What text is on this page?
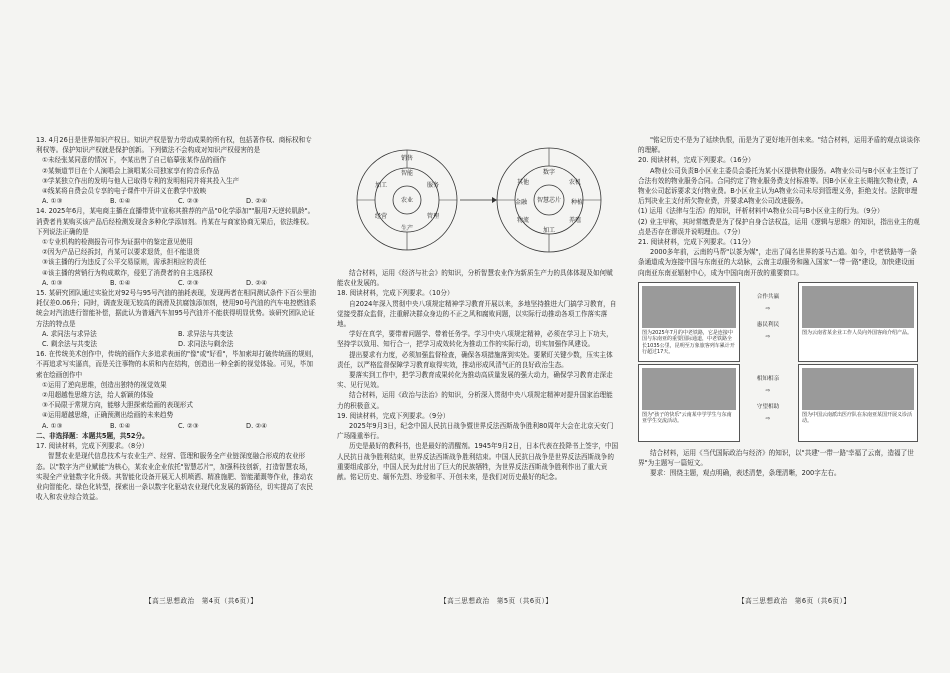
13. 4月26日是世界知识产权日。知识产权是智力劳动成果的所有权，包括著作权、商标权和专利权等。保护知识产权就是保护创新。下列做法不会构成对知识产权侵害的是

①未经张某同意的情况下，李某出售了自己临摹张某作品的画作

②某频道节目在个人演唱会上演唱某公司独家享有的音乐作品

③学某独立作出的发明与他人已取得专利的发明相同并将其投入生产

④线某将自费会员专享的电子课件中开讲义在教学中放映

A. ①③	B. ①④	C. ②③	D. ②④

14. 2025年6月，某电商主播在直播带货中宣称其推荐的产品"0化学添加""服用7天逆转肌龄"。消费者肖某购买该产品后经检测发现含多种化学添加剂。肖某在与商家协商无果后，依法维权。下列说法正确的是

①专业机构的检测报告可作为证据中的鉴定意见使用

②因为产品已经拆封，肖某可以要求退货，但不能退货

③该主播的行为违反了公平交易原则，需承担相应的责任

④该主播的营销行为构成欺诈，侵犯了消费者的自主选择权

A. ①③	B. ①④	C. ②③	D. ②④

15. 某研究团队通过实验比对92号与95号汽油的抽耗表现，发现两者在相同测试条件下百公里油耗仅差0.06升；同时，调查发现无较高的润滑及抗腐蚀添加剂，使用90号汽油的汽车电控燃油系统会对汽油进行智能补偿，据此认为普通汽车加95号汽油并不能获得明显优势。该研究团队论证方法的特点是

A. 求同法与求异法	B. 求异法与共变法

C. 剩余法与共变法	D. 求同法与剩余法

16. 在传统美术创作中，传统的画作大多追求表面的"像"或"好看"，毕加索却打破传统画的规则，不再追求写实逼真，而是关注事物的本质和内在结构，创造出一种全新的视觉体验。可见，毕加索在绘画创作中

①运用了逆向思维，创造出独特的视觉效果

②用超越性思维方法，给人新颖的体验

③不局限于常规方向，能够大胆探索绘画的表现形式

④运用超越思维，正确预测出绘画的未来趋势

A. ①③	B. ①④	C. ②③	D. ②④

二、非选择题：本题共5题，共52分。

17. 阅读材料，完成下列要求。（8分）

智慧农业是现代信息技术与农业生产、经营、管理和服务全产业链深度融合形成的农业形态。以"数字为产业赋能"为核心，某农业企业依托"智慧芯片"，加强科技创新，打造智慧农场，实现全产业链数字化升级。其智能化设备开展无人机喷洒、精准施肥、智能灌溉等作业，推动农业向智能化、绿色化转型，探索出一条以数字化驱动农业现代化发展的新路径，切实提高了农民收入和农业综合效益。

农业	智慧芯片
智能
服务
管理
生产
经营
加工
销售
数字
农机
种植
养殖
加工
物流
金融
其他

结合材料，运用《经济与社会》的知识，分析智慧农业作为新质生产力的具体体现及如何赋能农业发展的。

18. 阅读材料，完成下列要求。（10分）

自2024年深入贯彻中央八项规定精神学习教育开展以来，多地坚持推进大门搞学习教育，自觉接受群众监督，注重解决群众身边的不正之风和腐败问题，以实际行动推动各项工作落实落地。

学好在真学，要带着问题学、带着任务学。学习中央八项规定精神，必须在学习上下功夫，坚持学以致用、知行合一，把学习成效转化为推动工作的实际行动，切实加强作风建设。

提出要求有力度，必须加强监督检查，确保各项措施落到实处。要紧盯关键少数，压实主体责任，以严格监督保障学习教育取得实效，推动形成风清气正的良好政治生态。

要落实到工作中，把学习教育成果转化为推动高质量发展的强大动力，确保学习教育走深走实、见行见效。

结合材料，运用《政治与法治》的知识，分析深入贯彻中央八项规定精神对提升国家治理能力的积极意义。

19. 阅读材料，完成下列要求。（9分）

2025年9月3日，纪念中国人民抗日战争暨世界反法西斯战争胜利80周年大会在北京天安门广场隆重举行。

历史是最好的教科书，也是最好的清醒剂。1945年9月2日，日本代表在投降书上签字，中国人民抗日战争胜利结束，世界反法西斯战争胜利结束。中国人民抗日战争是世界反法西斯战争的重要组成部分，中国人民为此付出了巨大的民族牺牲，为世界反法西斯战争胜利作出了重大贡献。铭记历史、缅怀先烈、珍爱和平、开创未来，是我们对历史最好的纪念。

"铭记历史不是为了延续仇恨，而是为了更好地开创未来。"结合材料，运用矛盾的观点谈谈你的理解。

20. 阅读材料，完成下列要求。（16分）

A物业公司负责B小区业主委员会委托为某小区提供物业服务。A物业公司与B小区业主签订了合法有效的物业服务合同。合同约定了物业服务费支付标准等。因B小区业主长期拖欠物业费，A物业公司起诉要求支付物业费。B小区业主认为A物业公司未尽到管理义务，拒绝支付。法院审理后判决业主支付所欠物业费，并要求A物业公司改进服务。

(1) 运用《法律与生活》的知识，评析材料中A物业公司与B小区业主的行为。（9分）

(2) 业主甲称，其时常缴费是为了保护自身合法权益，运用《逻辑与思维》的知识，指出业主的观点是否存在谬误并说明理由。（7分）

21. 阅读材料，完成下列要求。（11分）

2000多年前，云南的马帮"以茶为媒"，走出了闻名世界的茶马古道。如今，中老铁路等一条条通道成为连接中国与东南亚的大动脉，云南主动服务和融入国家"一带一路"建设，加快建设面向南亚东南亚辐射中心，成为中国向南开放的重要窗口。

图为2025年7月的中老铁路，它是连接中国与东南亚的重要国际通道，中老铁路全长1035公里，昆明至万象旅客列车累计开行超过17天。
合作共赢
⇨
惠民利民
⇨
图为云南省某企业工作人员向外国客商介绍产品。
图为"孩子的快乐"云南某中学学生与东南亚学生交流活动。
相知相亲
⇨
守望相助
⇨
图为中国云南派出医疗队在东南亚某国开展义诊活动。

结合材料，运用《当代国际政治与经济》的知识，以"共建'一带一路'幸福了云南，造福了世界"为主题写一篇短文。

要求：围绕主题，观点明确，表述清楚，条理清晰，200字左右。

【高三思想政治　第4页（共6页）】	【高三思想政治　第5页（共6页）】	【高三思想政治　第6页（共6页）】
